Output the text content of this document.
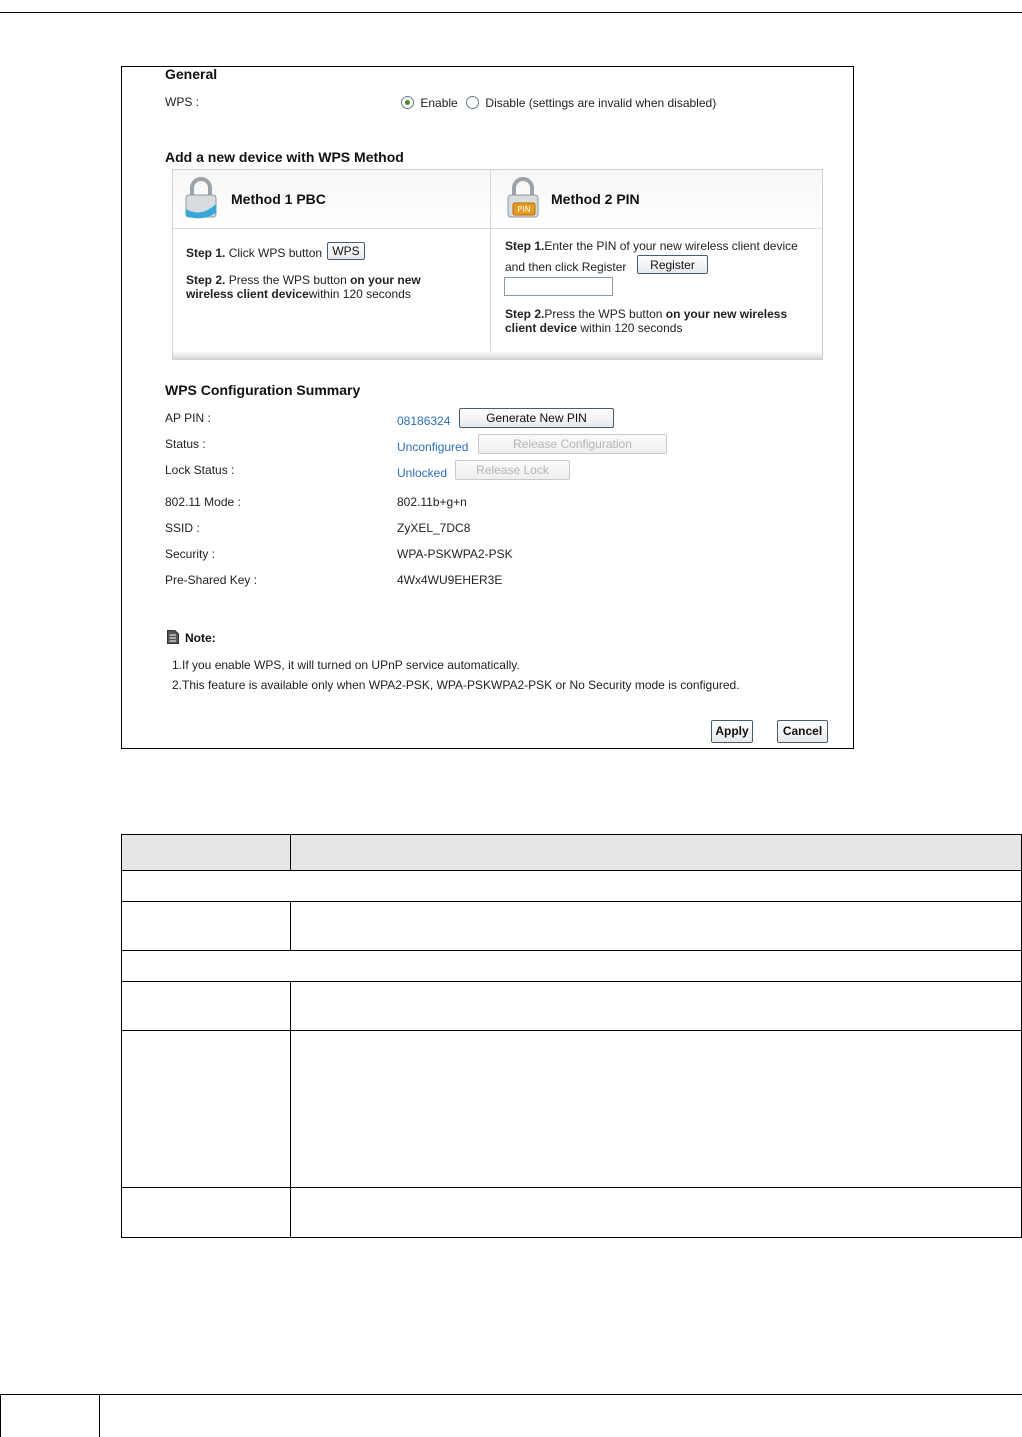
General
WPS :	Enable Disable (settings are invalid when disabled)
Add a new device with WPS Method
Method 1 PBC
Step 1. Click WPS button WPS
Step 2. Press the WPS button on your new wireless client devicewithin 120 seconds
PIN
Method 2 PIN
Step 1.Enter the PIN of your new wireless client device
and then click Register	Register
Step 2.Press the WPS button on your new wireless client device within 120 seconds
WPS Configuration Summary
AP PIN :	08186324	Generate New PIN
Status :	Unconfigured	Release Configuration
Lock Status :	Unlocked	Release Lock
802.11 Mode :	802.11b+g+n
SSID :	ZyXEL_7DC8
Security :	WPA-PSKWPA2-PSK
Pre-Shared Key :	4Wx4WU9EHER3E
Note:
1.If you enable WPS, it will turned on UPnP service automatically.
2.This feature is available only when WPA2-PSK, WPA-PSKWPA2-PSK or No Security mode is configured.
Apply	Cancel
